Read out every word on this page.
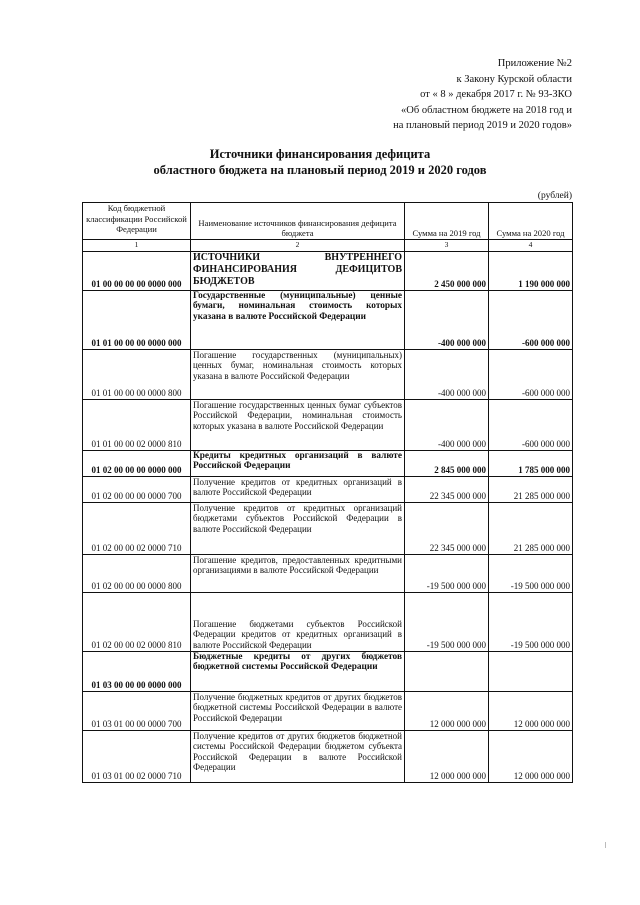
Приложение №2
к Закону Курской области
от « 8 » декабря 2017 г. № 93-ЗКО
«Об областном бюджете на 2018 год и
на плановый период 2019 и 2020 годов»
Источники финансирования дефицита
областного бюджета на плановый период 2019 и 2020 годов
(рублей)
Код бюджетной классификации Российской Федерации	Наименование источников финансирования дефицита бюджета	Сумма на 2019 год	Сумма на 2020 год
1	2	3	4
01 00 00 00 00 0000 000	ИСТОЧНИКИ ВНУТРЕННЕГО ФИНАНСИРОВАНИЯ ДЕФИЦИТОВ БЮДЖЕТОВ	2 450 000 000	1 190 000 000
01 01 00 00 00 0000 000	Государственные (муниципальные) ценные бумаги, номинальная стоимость которых указана в валюте Российской Федерации	-400 000 000	-600 000 000
01 01 00 00 00 0000 800	Погашение государственных (муниципальных) ценных бумаг, номинальная стоимость которых указана в валюте Российской Федерации	-400 000 000	-600 000 000
01 01 00 00 02 0000 810	Погашение государственных ценных бумаг субъектов Российской Федерации, номинальная стоимость которых указана в валюте Российской Федерации	-400 000 000	-600 000 000
01 02 00 00 00 0000 000	Кредиты кредитных организаций в валюте Российской Федерации	2 845 000 000	1 785 000 000
01 02 00 00 00 0000 700	Получение кредитов от кредитных организаций в валюте Российской Федерации	22 345 000 000	21 285 000 000
01 02 00 00 02 0000 710	Получение кредитов от кредитных организаций бюджетами субъектов Российской Федерации в валюте Российской Федерации	22 345 000 000	21 285 000 000
01 02 00 00 00 0000 800	Погашение кредитов, предоставленных кредитными организациями в валюте Российской Федерации	-19 500 000 000	-19 500 000 000
01 02 00 00 02 0000 810	Погашение бюджетами субъектов Российской Федерации кредитов от кредитных организаций в валюте Российской Федерации	-19 500 000 000	-19 500 000 000
01 03 00 00 00 0000 000	Бюджетные кредиты от других бюджетов бюджетной системы Российской Федерации		
01 03 01 00 00 0000 700	Получение бюджетных кредитов от других бюджетов бюджетной системы Российской Федерации в валюте Российской Федерации	12 000 000 000	12 000 000 000
01 03 01 00 02 0000 710	Получение кредитов от других бюджетов бюджетной системы Российской Федерации бюджетом субъекта Российской Федерации в валюте Российской Федерации	12 000 000 000	12 000 000 000
